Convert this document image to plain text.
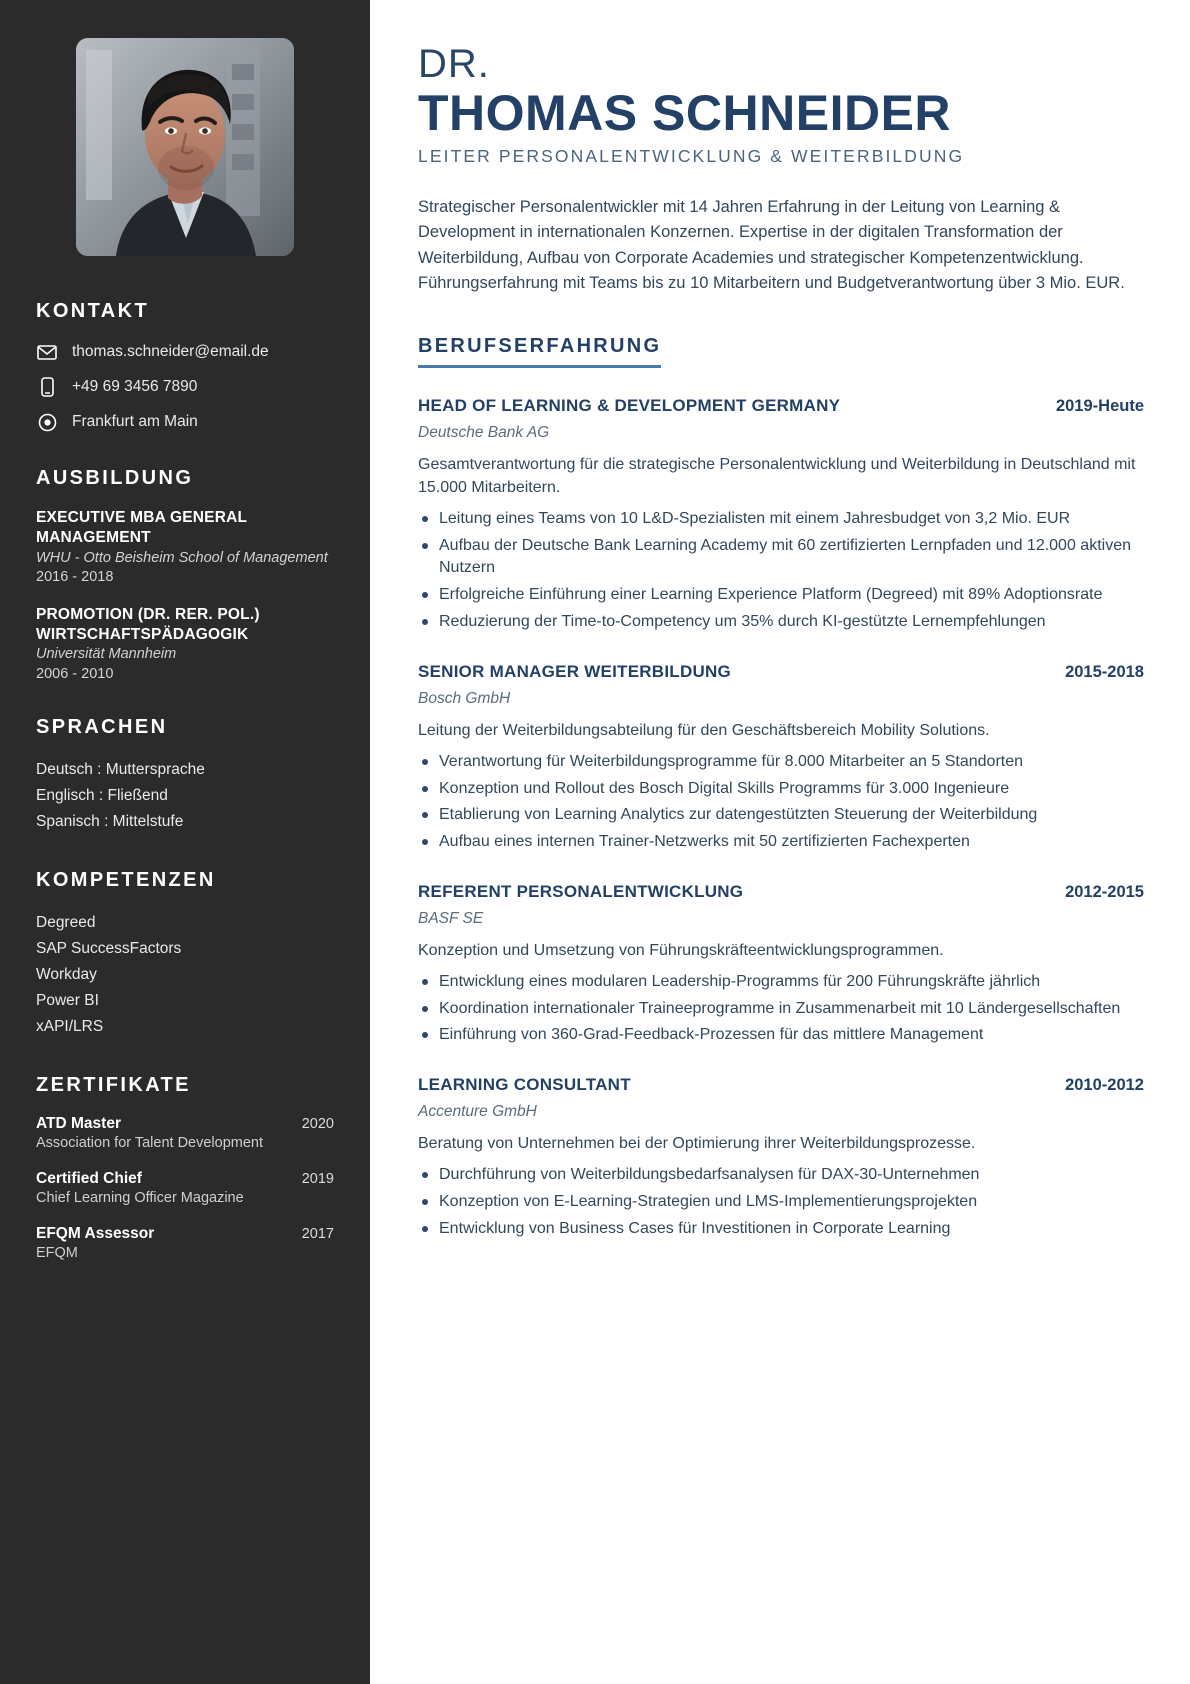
KONTAKT
thomas.schneider@email.de
+49 69 3456 7890
Frankfurt am Main
AUSBILDUNG
EXECUTIVE MBA GENERAL MANAGEMENT
WHU - Otto Beisheim School of Management
2016 - 2018
PROMOTION (DR. RER. POL.) WIRTSCHAFTSPÄDAGOGIK
Universität Mannheim
2006 - 2010
SPRACHEN
Deutsch : Muttersprache
Englisch : Fließend
Spanisch : Mittelstufe
KOMPETENZEN
Degreed
SAP SuccessFactors
Workday
Power BI
xAPI/LRS
ZERTIFIKATE
ATD Master	2020
Association for Talent Development
Certified Chief	2019
Chief Learning Officer Magazine
EFQM Assessor	2017
EFQM
DR.
THOMAS SCHNEIDER
LEITER PERSONALENTWICKLUNG & WEITERBILDUNG

Strategischer Personalentwickler mit 14 Jahren Erfahrung in der Leitung von Learning & Development in internationalen Konzernen. Expertise in der digitalen Transformation der Weiterbildung, Aufbau von Corporate Academies und strategischer Kompetenzentwicklung. Führungserfahrung mit Teams bis zu 10 Mitarbeitern und Budgetverantwortung über 3 Mio. EUR.

BERUFSERFAHRUNG
HEAD OF LEARNING & DEVELOPMENT GERMANY	2019-Heute
Deutsche Bank AG
Gesamtverantwortung für die strategische Personalentwicklung und Weiterbildung in Deutschland mit 15.000 Mitarbeitern.
Leitung eines Teams von 10 L&D-Spezialisten mit einem Jahresbudget von 3,2 Mio. EUR
Aufbau der Deutsche Bank Learning Academy mit 60 zertifizierten Lernpfaden und 12.000 aktiven Nutzern
Erfolgreiche Einführung einer Learning Experience Platform (Degreed) mit 89% Adoptionsrate
Reduzierung der Time-to-Competency um 35% durch KI-gestützte Lernempfehlungen
SENIOR MANAGER WEITERBILDUNG	2015-2018
Bosch GmbH
Leitung der Weiterbildungsabteilung für den Geschäftsbereich Mobility Solutions.
Verantwortung für Weiterbildungsprogramme für 8.000 Mitarbeiter an 5 Standorten
Konzeption und Rollout des Bosch Digital Skills Programms für 3.000 Ingenieure
Etablierung von Learning Analytics zur datengestützten Steuerung der Weiterbildung
Aufbau eines internen Trainer-Netzwerks mit 50 zertifizierten Fachexperten
REFERENT PERSONALENTWICKLUNG	2012-2015
BASF SE
Konzeption und Umsetzung von Führungskräfteentwicklungsprogrammen.
Entwicklung eines modularen Leadership-Programms für 200 Führungskräfte jährlich
Koordination internationaler Traineeprogramme in Zusammenarbeit mit 10 Ländergesellschaften
Einführung von 360-Grad-Feedback-Prozessen für das mittlere Management
LEARNING CONSULTANT	2010-2012
Accenture GmbH
Beratung von Unternehmen bei der Optimierung ihrer Weiterbildungsprozesse.
Durchführung von Weiterbildungsbedarfsanalysen für DAX-30-Unternehmen
Konzeption von E-Learning-Strategien und LMS-Implementierungsprojekten
Entwicklung von Business Cases für Investitionen in Corporate Learning
